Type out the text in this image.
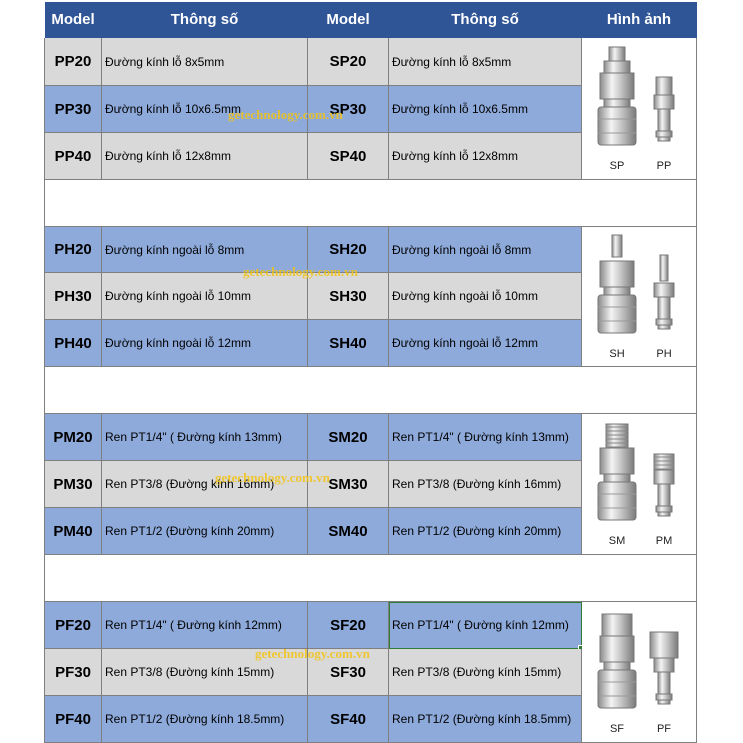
Model	Thông số	Model	Thông số	Hình ảnh
PP20 Đường kính lỗ 8x5mm	SP20 Đường kính lỗ 8x5mm
SP	PP
PP30 Đường kính lỗ 10x6.5mm	SP30 Đường kính lỗ 10x6.5mm
PP40 Đường kính lỗ 12x8mm	SP40 Đường kính lỗ 12x8mm
PH20 Đường kính ngoài lỗ 8mm	SH20 Đường kính ngoài lỗ 8mm
SH	PH
PH30 Đường kính ngoài lỗ 10mm	SH30 Đường kính ngoài lỗ 10mm
PH40 Đường kính ngoài lỗ 12mm	SH40 Đường kính ngoài lỗ 12mm
PM20 Ren PT1/4" ( Đường kính 13mm)	SM20 Ren PT1/4" ( Đường kính 13mm)
SM	PM
PM30 Ren PT3/8 (Đường kính 16mm)	SM30 Ren PT3/8 (Đường kính 16mm)
PM40 Ren PT1/2 (Đường kính 20mm)	SM40 Ren PT1/2 (Đường kính 20mm)
PF20 Ren PT1/4" ( Đường kính 12mm)	SF20 Ren PT1/4" ( Đường kính 12mm)
SF	PF
PF30 Ren PT3/8 (Đường kính 15mm)	SF30 Ren PT3/8 (Đường kính 15mm)
PF40 Ren PT1/2 (Đường kính 18.5mm)	SF40 Ren PT1/2 (Đường kính 18.5mm)
getechnology.com.vn
getechnology.com.vn
getechnology.com.vn
getechnology.com.vn
